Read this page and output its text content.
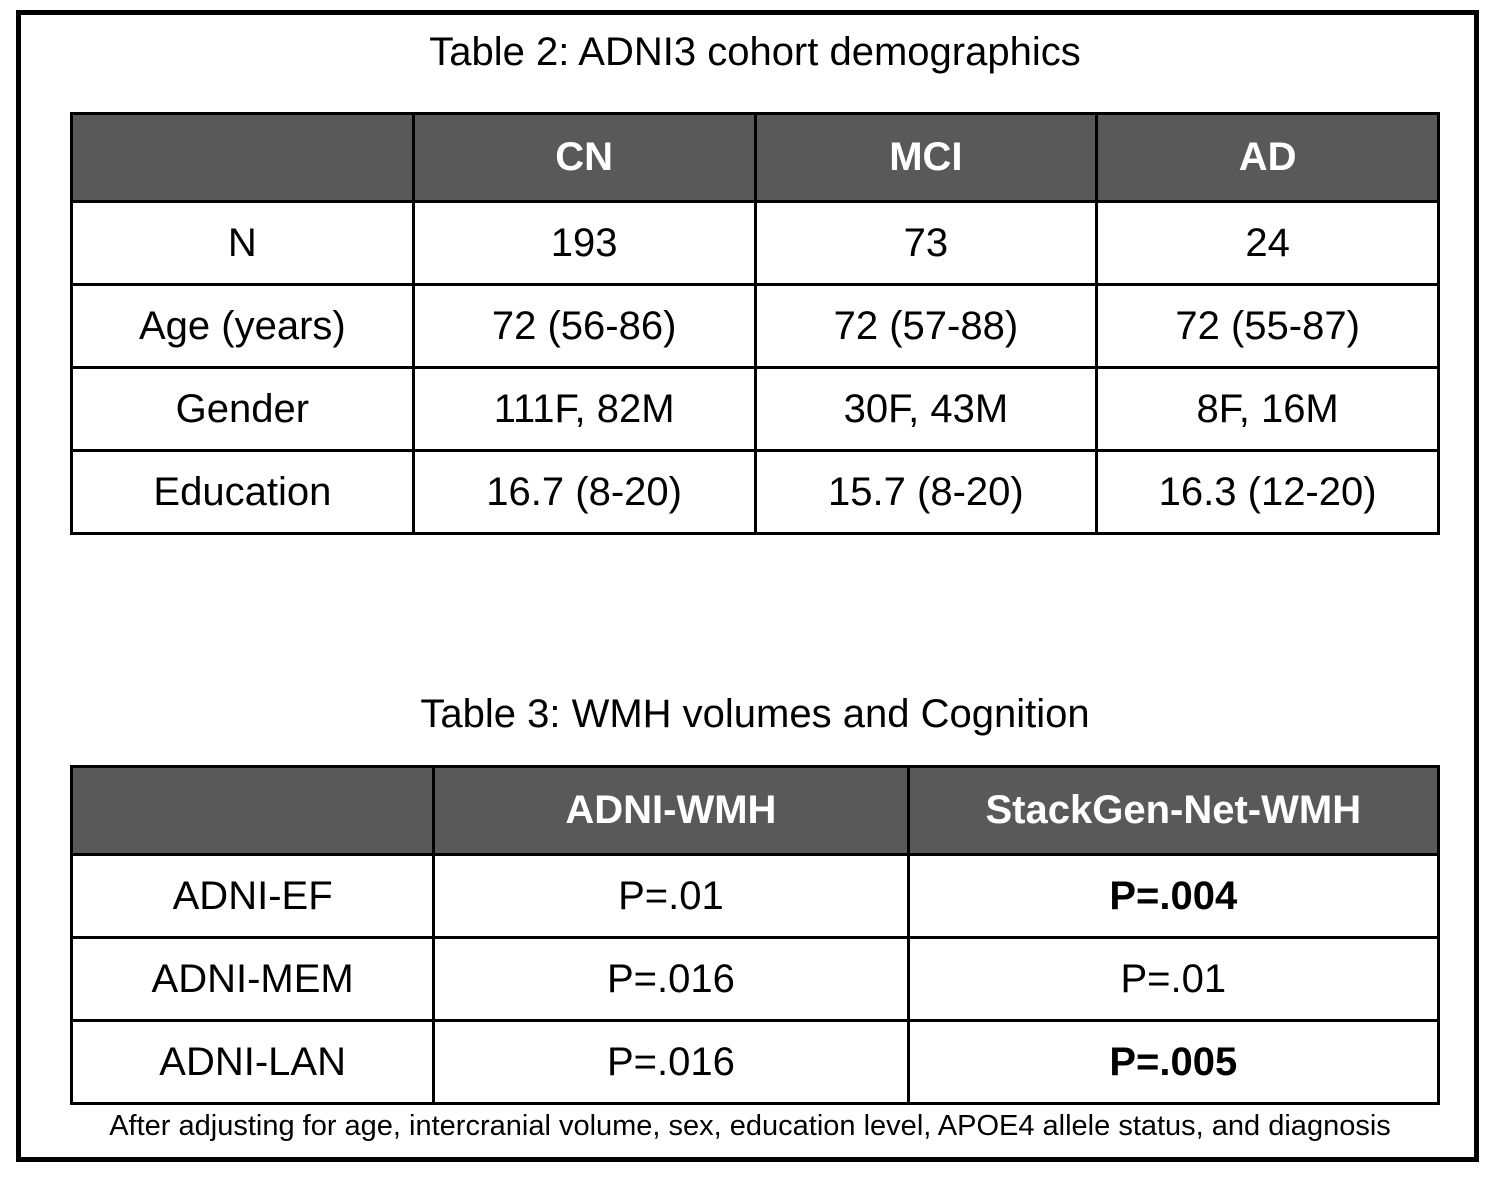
Table 2: ADNI3 cohort demographics
	CN	MCI	AD
N	193	73	24
Age (years)	72 (56-86)	72 (57-88)	72 (55-87)
Gender	111F, 82M	30F, 43M	8F, 16M
Education	16.7 (8-20)	15.7 (8-20)	16.3 (12-20)
Table 3: WMH volumes and Cognition
	ADNI-WMH	StackGen-Net-WMH
ADNI-EF	P=.01	P=.004
ADNI-MEM	P=.016	P=.01
ADNI-LAN	P=.016	P=.005
After adjusting for age, intercranial volume, sex, education level, APOE4 allele status, and diagnosis
